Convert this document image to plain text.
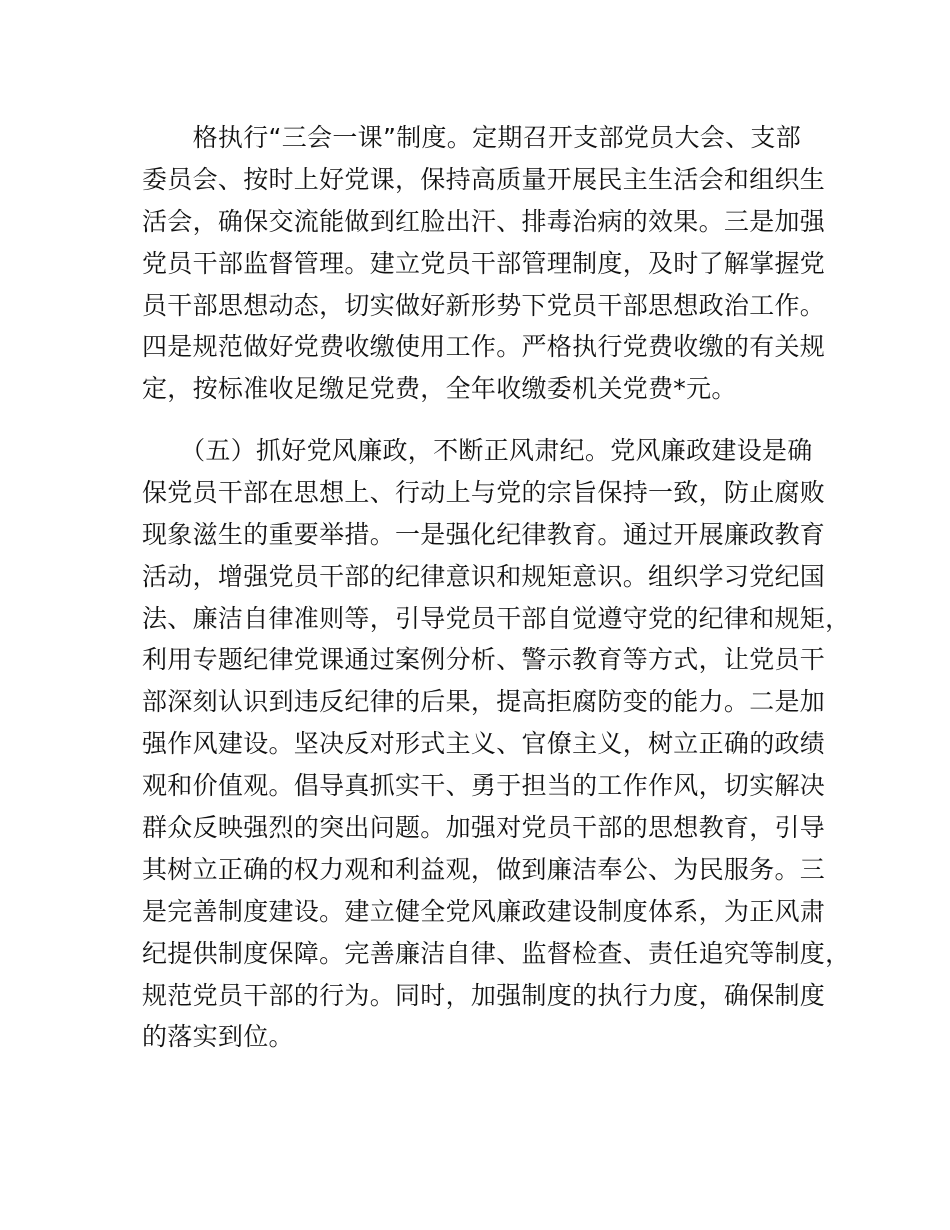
　　格执行“三会一课”制度。定期召开支部党员大会、支部
委员会、按时上好党课，保持高质量开展民主生活会和组织生
活会，确保交流能做到红脸出汗、排毒治病的效果。三是加强
党员干部监督管理。建立党员干部管理制度，及时了解掌握党
员干部思想动态，切实做好新形势下党员干部思想政治工作。
四是规范做好党费收缴使用工作。严格执行党费收缴的有关规
定，按标准收足缴足党费，全年收缴委机关党费*元。
　　（五）抓好党风廉政，不断正风肃纪。党风廉政建设是确
保党员干部在思想上、行动上与党的宗旨保持一致，防止腐败
现象滋生的重要举措。一是强化纪律教育。通过开展廉政教育
活动，增强党员干部的纪律意识和规矩意识。组织学习党纪国
法、廉洁自律准则等，引导党员干部自觉遵守党的纪律和规矩，
利用专题纪律党课通过案例分析、警示教育等方式，让党员干
部深刻认识到违反纪律的后果，提高拒腐防变的能力。二是加
强作风建设。坚决反对形式主义、官僚主义，树立正确的政绩
观和价值观。倡导真抓实干、勇于担当的工作作风，切实解决
群众反映强烈的突出问题。加强对党员干部的思想教育，引导
其树立正确的权力观和利益观，做到廉洁奉公、为民服务。三
是完善制度建设。建立健全党风廉政建设制度体系，为正风肃
纪提供制度保障。完善廉洁自律、监督检查、责任追究等制度，
规范党员干部的行为。同时，加强制度的执行力度，确保制度
的落实到位。
